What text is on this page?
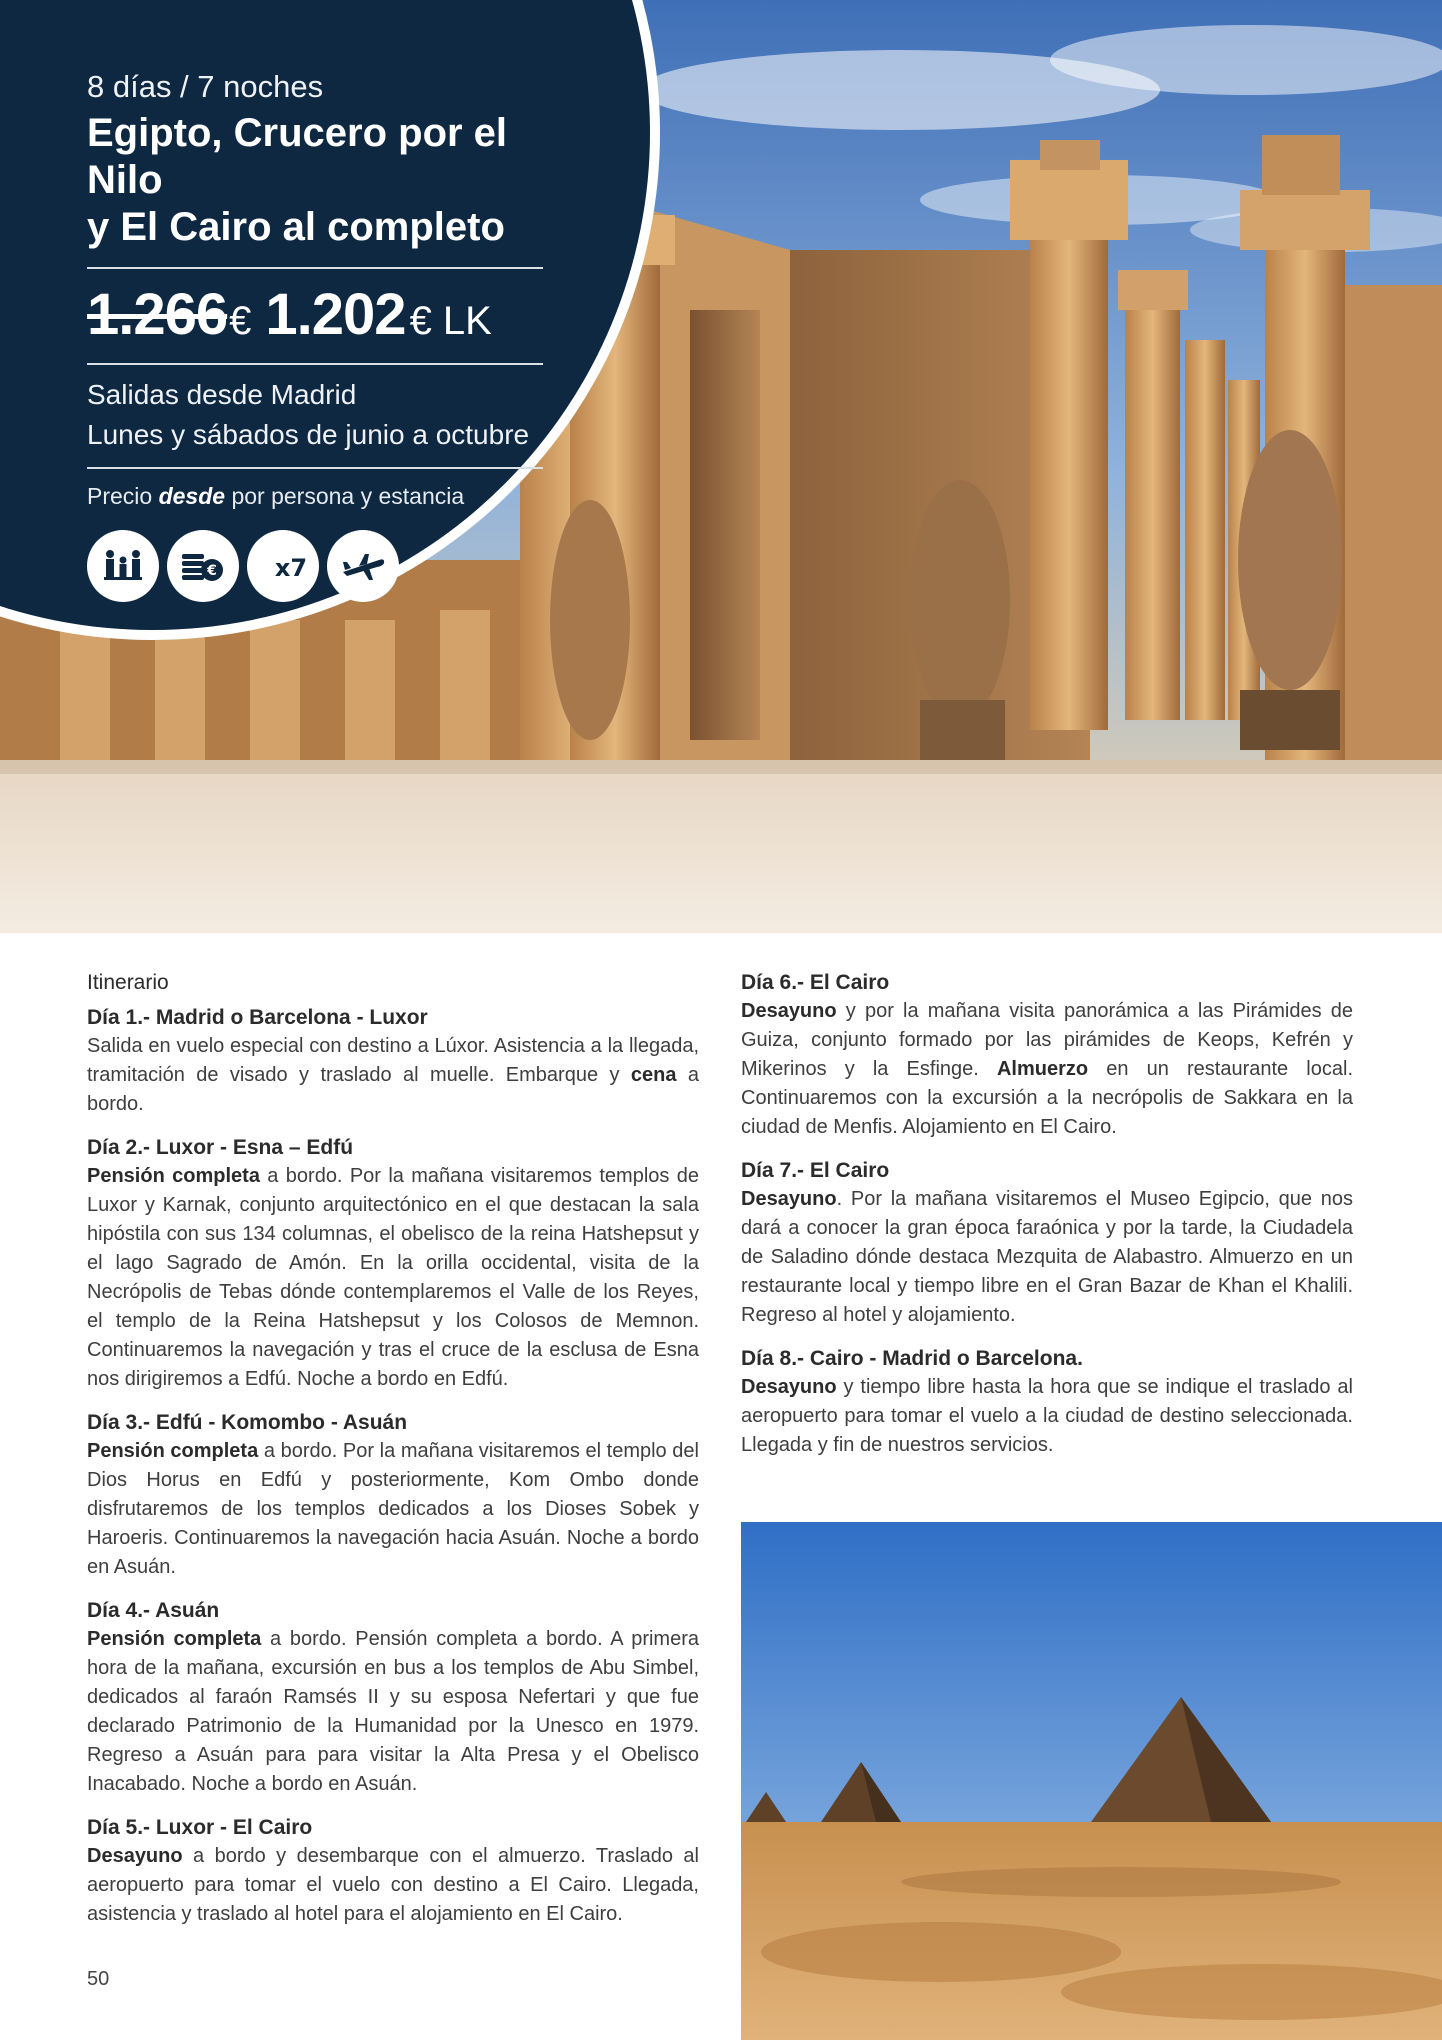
8 días / 7 noches
Egipto, Crucero por el Nilo
y El Cairo al completo
1.266 € 1.202 € LK
Salidas desde Madrid
Lunes y sábados de junio a octubre
Precio desde por persona y estancia
€ x7
Itinerario
Día 1.- Madrid o Barcelona - Luxor
Salida en vuelo especial con destino a Lúxor. Asistencia a la llegada, tramitación de visado y traslado al muelle. Embarque y cena a bordo.
Día 2.- Luxor - Esna – Edfú
Pensión completa a bordo. Por la mañana visitaremos templos de Luxor y Karnak, conjunto arquitectónico en el que destacan la sala hipóstila con sus 134 columnas, el obelisco de la reina Hatshepsut y el lago Sagrado de Amón. En la orilla occidental, visita de la Necrópolis de Tebas dónde contemplaremos el Valle de los Reyes, el templo de la Reina Hatshepsut y los Colosos de Memnon. Continuaremos la navegación y tras el cruce de la esclusa de Esna nos dirigiremos a Edfú. Noche a bordo en Edfú.
Día 3.- Edfú - Komombo - Asuán
Pensión completa a bordo. Por la mañana visitaremos el templo del Dios Horus en Edfú y posteriormente, Kom Ombo donde disfrutaremos de los templos dedicados a los Dioses Sobek y Haroeris. Continuaremos la navegación hacia Asuán. Noche a bordo en Asuán.
Día 4.- Asuán
Pensión completa a bordo. Pensión completa a bordo. A primera hora de la mañana, excursión en bus a los templos de Abu Simbel, dedicados al faraón Ramsés II y su esposa Nefertari y que fue declarado Patrimonio de la Humanidad por la Unesco en 1979. Regreso a Asuán para para visitar la Alta Presa y el Obelisco Inacabado. Noche a bordo en Asuán.
Día 5.- Luxor - El Cairo
Desayuno a bordo y desembarque con el almuerzo. Traslado al aeropuerto para tomar el vuelo con destino a El Cairo. Llegada, asistencia y traslado al hotel para el alojamiento en El Cairo.
Día 6.- El Cairo
Desayuno y por la mañana visita panorámica a las Pirámides de Guiza, conjunto formado por las pirámides de Keops, Kefrén y Mikerinos y la Esfinge. Almuerzo en un restaurante local. Continuaremos con la excursión a la necrópolis de Sakkara en la ciudad de Menfis. Alojamiento en El Cairo.
Día 7.- El Cairo
Desayuno. Por la mañana visitaremos el Museo Egipcio, que nos dará a conocer la gran época faraónica y por la tarde, la Ciudadela de Saladino dónde destaca Mezquita de Alabastro. Almuerzo en un restaurante local y tiempo libre en el Gran Bazar de Khan el Khalili. Regreso al hotel y alojamiento.
Día 8.- Cairo - Madrid o Barcelona.
Desayuno y tiempo libre hasta la hora que se indique el traslado al aeropuerto para tomar el vuelo a la ciudad de destino seleccionada. Llegada y fin de nuestros servicios.
50
